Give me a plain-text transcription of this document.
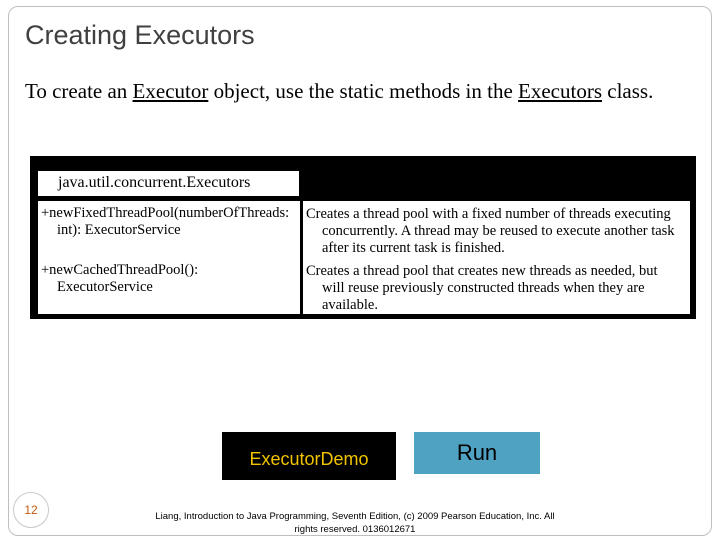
Creating Executors
To create an Executor object, use the static methods in the Executors class.
java.util.concurrent.Executors
+newFixedThreadPool(numberOfThreads:
int): ExecutorService
+newCachedThreadPool():
ExecutorService
Creates a thread pool with a fixed number of threads executing
concurrently. A thread may be reused to execute another task
after its current task is finished.
Creates a thread pool that creates new threads as needed, but
will reuse previously constructed threads when they are
available.
ExecutorDemo	Run
12	Liang, Introduction to Java Programming, Seventh Edition, (c) 2009 Pearson Education, Inc. All
rights reserved. 0136012671
